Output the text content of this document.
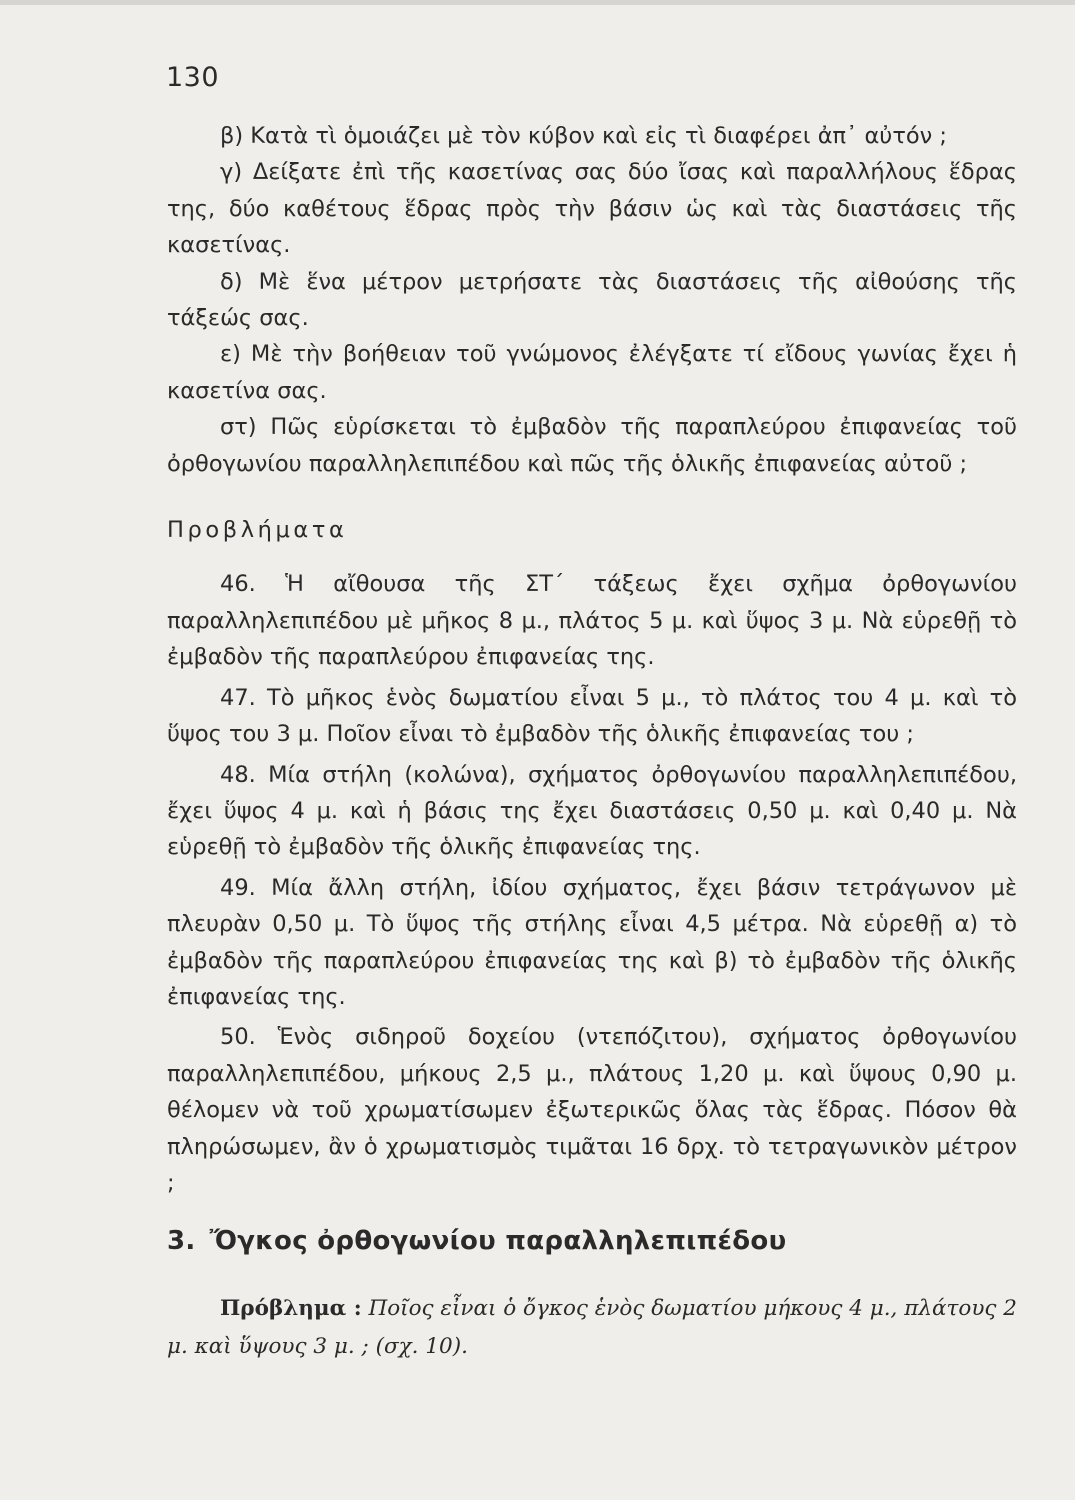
130

β) Κατὰ τὶ ὁμοιάζει μὲ τὸν κύβον καὶ εἰς τὶ διαφέρει ἀπ᾽ αὐτόν ;

γ) Δείξατε ἐπὶ τῆς κασετίνας σας δύο ἴσας καὶ παραλλήλους ἕδρας της, δύο καθέτους ἕδρας πρὸς τὴν βάσιν ὡς καὶ τὰς διαστάσεις τῆς κασετίνας.

δ) Μὲ ἕνα μέτρον μετρήσατε τὰς διαστάσεις τῆς αἰθούσης τῆς τάξεώς σας.

ε) Μὲ τὴν βοήθειαν τοῦ γνώμονος ἐλέγξατε τί εἴδους γωνίας ἔχει ἡ κασετίνα σας.

στ) Πῶς εὑρίσκεται τὸ ἐμβαδὸν τῆς παραπλεύρου ἐπιφανείας τοῦ ὀρθογωνίου παραλληλεπιπέδου καὶ πῶς τῆς ὁλικῆς ἐπιφανείας αὐτοῦ ;

Προβλήματα

46. Ἡ αἴθουσα τῆς ΣΤ΄ τάξεως ἔχει σχῆμα ὀρθογωνίου παραλληλεπιπέδου μὲ μῆκος 8 μ., πλάτος 5 μ. καὶ ὕψος 3 μ. Νὰ εὑρεθῇ τὸ ἐμβαδὸν τῆς παραπλεύρου ἐπιφανείας της.

47. Τὸ μῆκος ἑνὸς δωματίου εἶναι 5 μ., τὸ πλάτος του 4 μ. καὶ τὸ ὕψος του 3 μ. Ποῖον εἶναι τὸ ἐμβαδὸν τῆς ὁλικῆς ἐπιφανείας του ;

48. Μία στήλη (κολώνα), σχήματος ὀρθογωνίου παραλληλεπιπέδου, ἔχει ὕψος 4 μ. καὶ ἡ βάσις της ἔχει διαστάσεις 0,50 μ. καὶ 0,40 μ. Νὰ εὑρεθῇ τὸ ἐμβαδὸν τῆς ὁλικῆς ἐπιφανείας της.

49. Μία ἄλλη στήλη, ἰδίου σχήματος, ἔχει βάσιν τετράγωνον μὲ πλευρὰν 0,50 μ. Τὸ ὕψος τῆς στήλης εἶναι 4,5 μέτρα. Νὰ εὑρεθῇ α) τὸ ἐμβαδὸν τῆς παραπλεύρου ἐπιφανείας της καὶ β) τὸ ἐμβαδὸν τῆς ὁλικῆς ἐπιφανείας της.

50. Ἑνὸς σιδηροῦ δοχείου (ντεπόζιτου), σχήματος ὀρθογωνίου παραλληλεπιπέδου, μήκους 2,5 μ., πλάτους 1,20 μ. καὶ ὕψους 0,90 μ. θέλομεν νὰ τοῦ χρωματίσωμεν ἐξωτερικῶς ὅλας τὰς ἕδρας. Πόσον θὰ πληρώσωμεν, ἂν ὁ χρωματισμὸς τιμᾶται 16 δρχ. τὸ τετραγωνικὸν μέτρον ;

3. Ὄγκος ὀρθογωνίου παραλληλεπιπέδου

Πρόβλημα : Ποῖος εἶναι ὁ ὄγκος ἑνὸς δωματίου μήκους 4 μ., πλάτους 2 μ. καὶ ὕψους 3 μ. ; (σχ. 10).
